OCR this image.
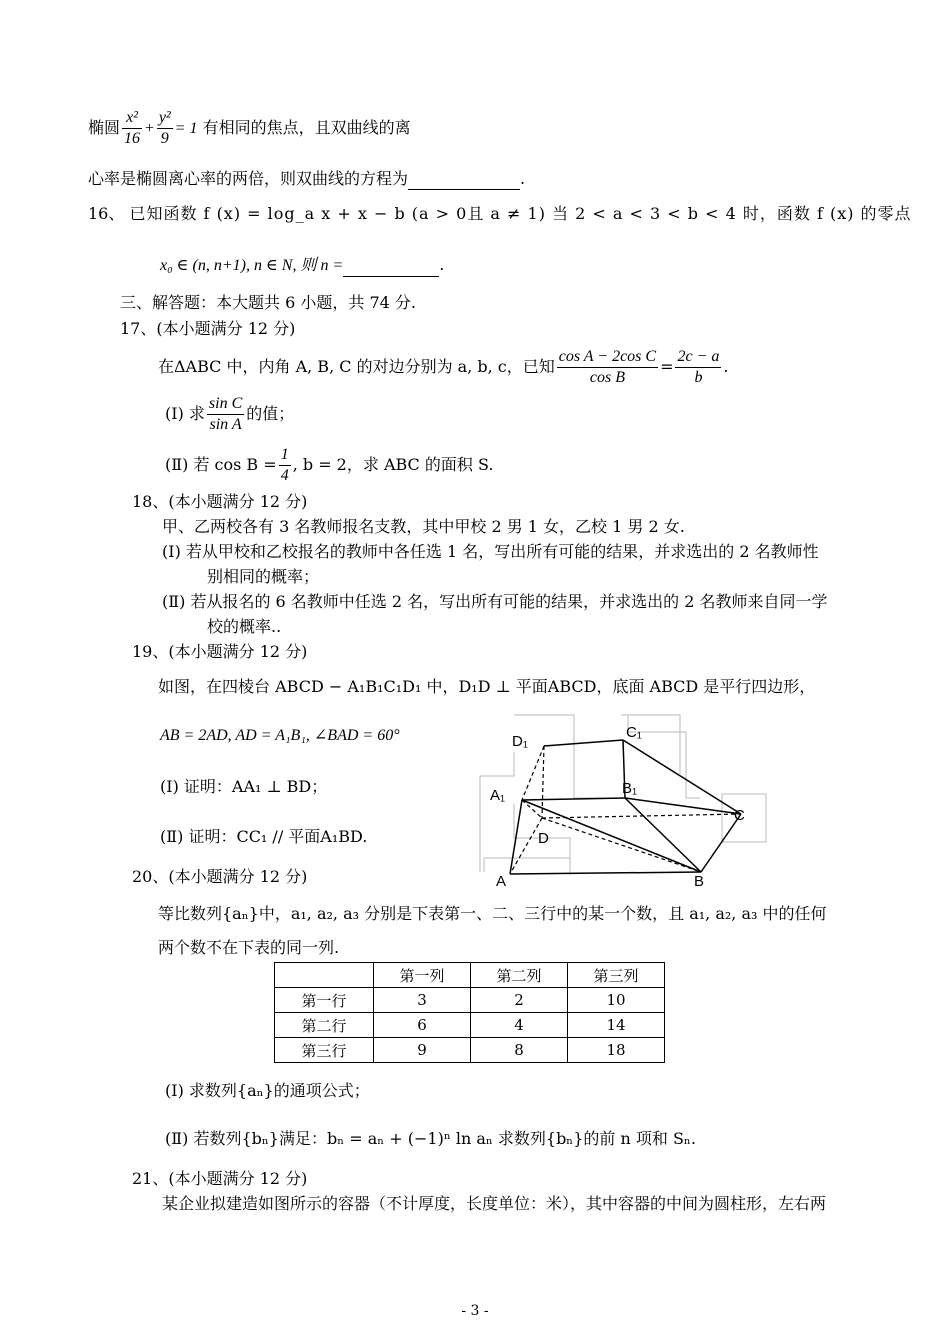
椭圆 $\frac{\text{x²}}{16} + \frac{\text{y²}}{9} = 1$ 有相同的焦点，且双曲线的离
心率是椭圆离心率的两倍，则双曲线的方程为	.
16、 已知函数 f (x) = log_a x + x − b (a > 0且 a ≠ 1) 当 2 < a < 3 < b < 4 时，函数 f (x) 的零点
x₀ ∈ (n, n+1), n ∈ N, 则 n =	.
三、解答题：本大题共 6 小题，共 74 分.
17、(本小题满分 12 分)
在ΔABC 中，内角 A, B, C 的对边分别为 a, b, c，已知 $\frac{\text{cos A − 2cos C}}{\text{cos B}} = \frac{2c - a}{b}$ .
(Ⅰ) 求 $\frac{\text{sin C}}{\text{sin A}}$ 的值；
(Ⅱ) 若 $\cos B = \frac{1}{4}$ , b = 2，求 ABC 的面积 S.
18、(本小题满分 12 分)
甲、乙两校各有 3 名教师报名支教，其中甲校 2 男 1 女，乙校 1 男 2 女.
(Ⅰ) 若从甲校和乙校报名的教师中各任选 1 名，写出所有可能的结果，并求选出的 2 名教师性
别相同的概率；
(Ⅱ) 若从报名的 6 名教师中任选 2 名，写出所有可能的结果，并求选出的 2 名教师来自同一学
校的概率..
19、(本小题满分 12 分)
如图，在四棱台 ABCD − A₁B₁C₁D₁ 中，D₁D ⊥ 平面ABCD，底面 ABCD 是平行四边形，
AB = 2AD, AD = A₁B₁, ∠BAD = 60°
(Ⅰ) 证明：AA₁ ⊥ BD；
(Ⅱ) 证明：CC₁ // 平面A₁BD.
D₁
C₁
B₁
A₁
C
D
A	B
20、(本小题满分 12 分)
等比数列{aₙ}中，a₁, a₂, a₃ 分别是下表第一、二、三行中的某一个数，且 a₁, a₂, a₃ 中的任何
两个数不在下表的同一列.
	第一列	第二列	第三列
第一行	3	2	10
第二行	6	4	14
第三行	9	8	18
(Ⅰ) 求数列{aₙ}的通项公式；
(Ⅱ) 若数列{bₙ}满足：bₙ = aₙ + (−1)ⁿ ln aₙ 求数列{bₙ}的前 n 项和 Sₙ.
21、(本小题满分 12 分)
某企业拟建造如图所示的容器（不计厚度，长度单位：米），其中容器的中间为圆柱形，左右两
- 3 -
